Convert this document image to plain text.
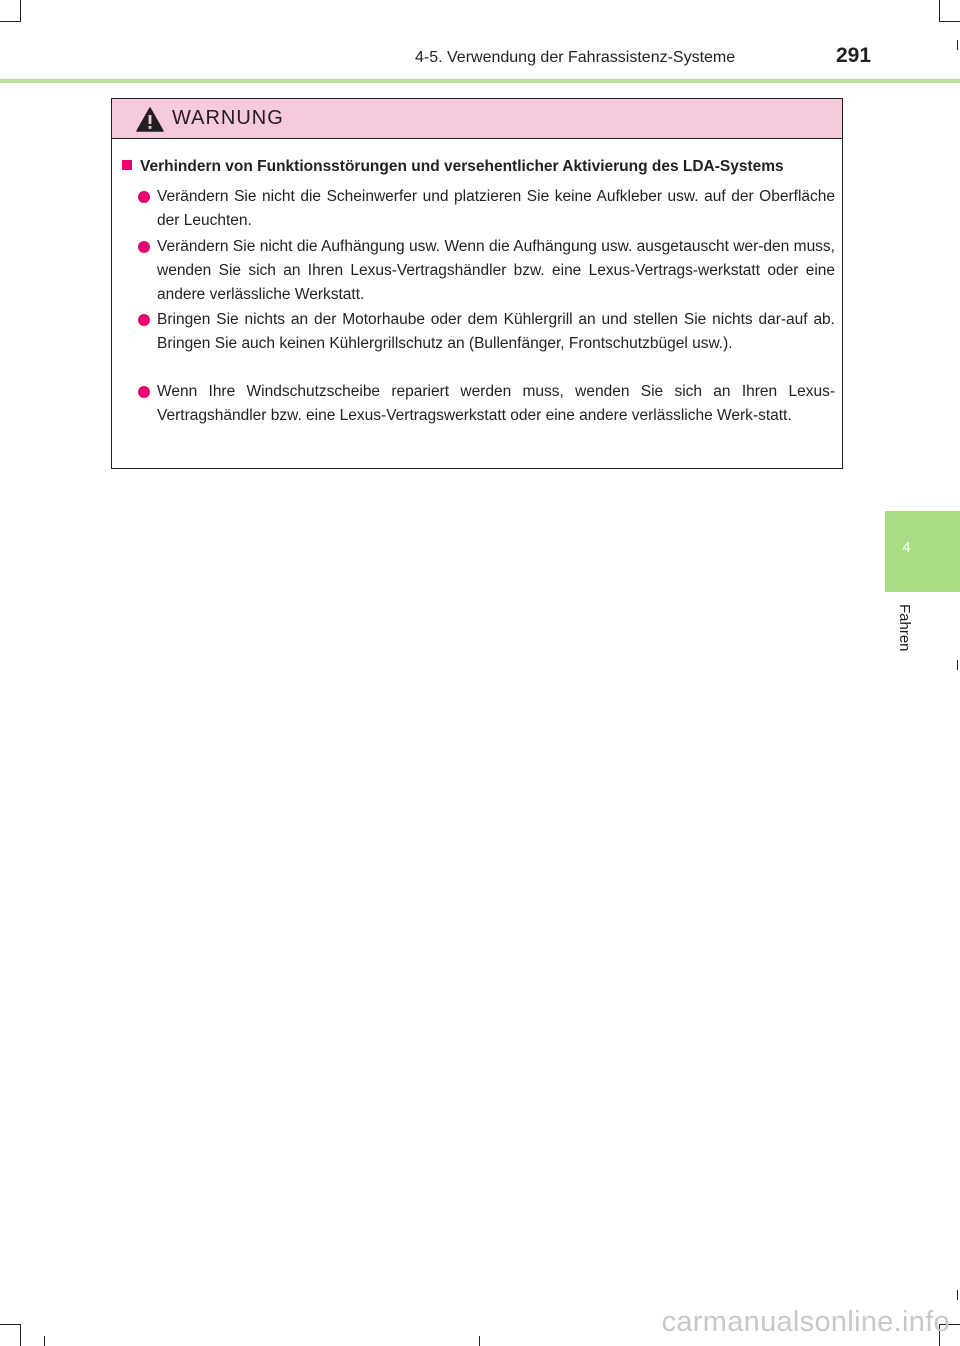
4-5. Verwendung der Fahrassistenz-Systeme	291
WARNUNG
Verhindern von Funktionsstörungen und versehentlicher Aktivierung des LDA-Systems
Verändern Sie nicht die Scheinwerfer und platzieren Sie keine Aufkleber usw. auf der Oberfläche der Leuchten.
Verändern Sie nicht die Aufhängung usw. Wenn die Aufhängung usw. ausgetauscht wer-den muss, wenden Sie sich an Ihren Lexus-Vertragshändler bzw. eine Lexus-Vertrags-werkstatt oder eine andere verlässliche Werkstatt.
Bringen Sie nichts an der Motorhaube oder dem Kühlergrill an und stellen Sie nichts dar-auf ab. Bringen Sie auch keinen Kühlergrillschutz an (Bullenfänger, Frontschutzbügel usw.).
Wenn Ihre Windschutzscheibe repariert werden muss, wenden Sie sich an Ihren Lexus-Vertragshändler bzw. eine Lexus-Vertragswerkstatt oder eine andere verlässliche Werk-statt.
4
Fahren
carmanualsonline.info
